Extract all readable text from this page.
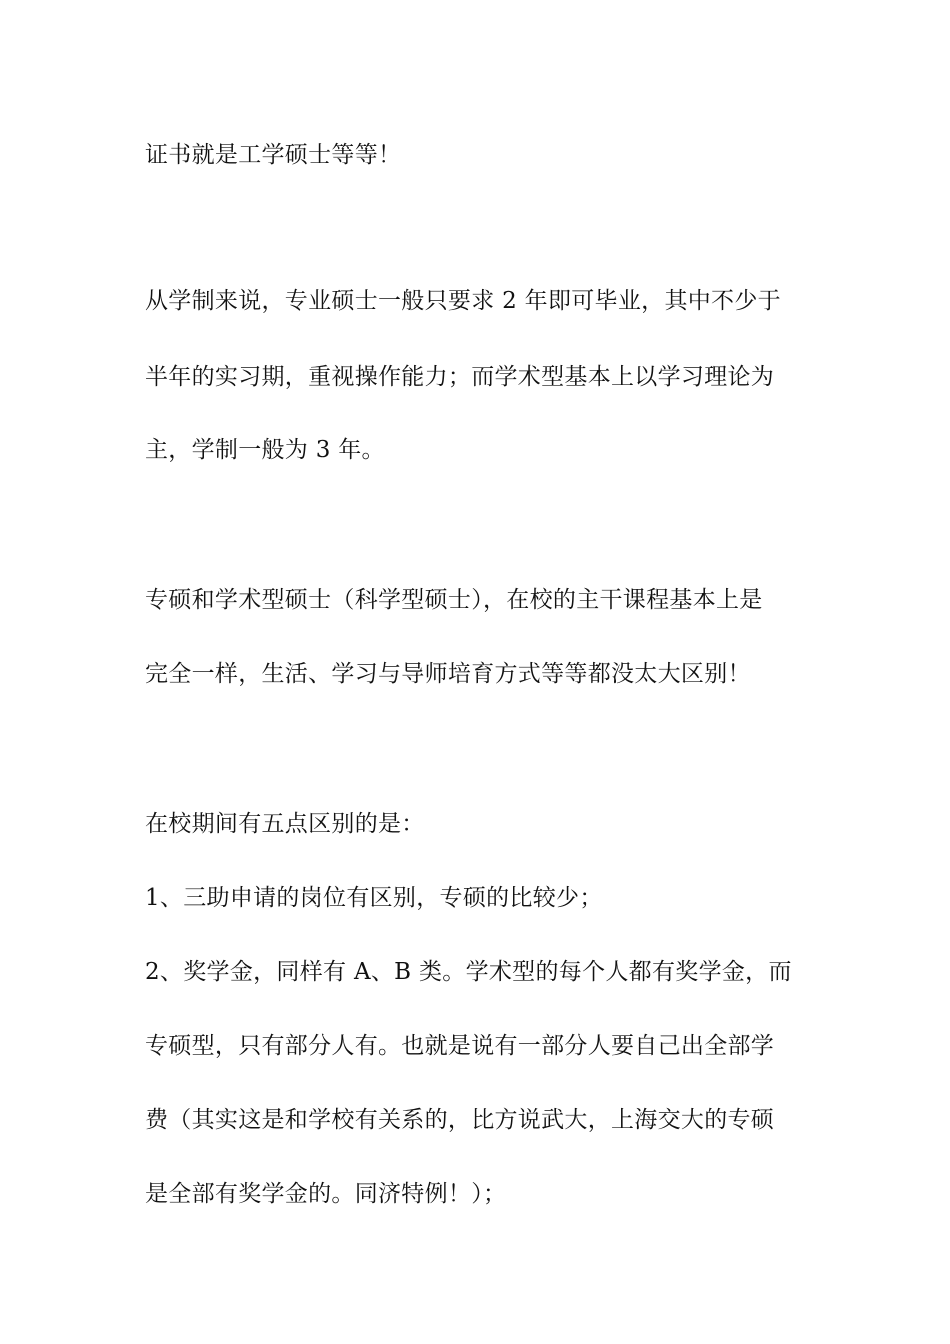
证书就是工学硕士等等！

从学制来说，专业硕士一般只要求 2 年即可毕业，其中不少于

半年的实习期，重视操作能力；而学术型基本上以学习理论为

主，学制一般为 3 年。

专硕和学术型硕士（科学型硕士），在校的主干课程基本上是

完全一样，生活、学习与导师培育方式等等都没太大区别！

在校期间有五点区别的是：

1、三助申请的岗位有区别，专硕的比较少；

2、奖学金，同样有 A、B 类。学术型的每个人都有奖学金，而

专硕型，只有部分人有。也就是说有一部分人要自己出全部学

费（其实这是和学校有关系的，比方说武大，上海交大的专硕

是全部有奖学金的。同济特例！）；
